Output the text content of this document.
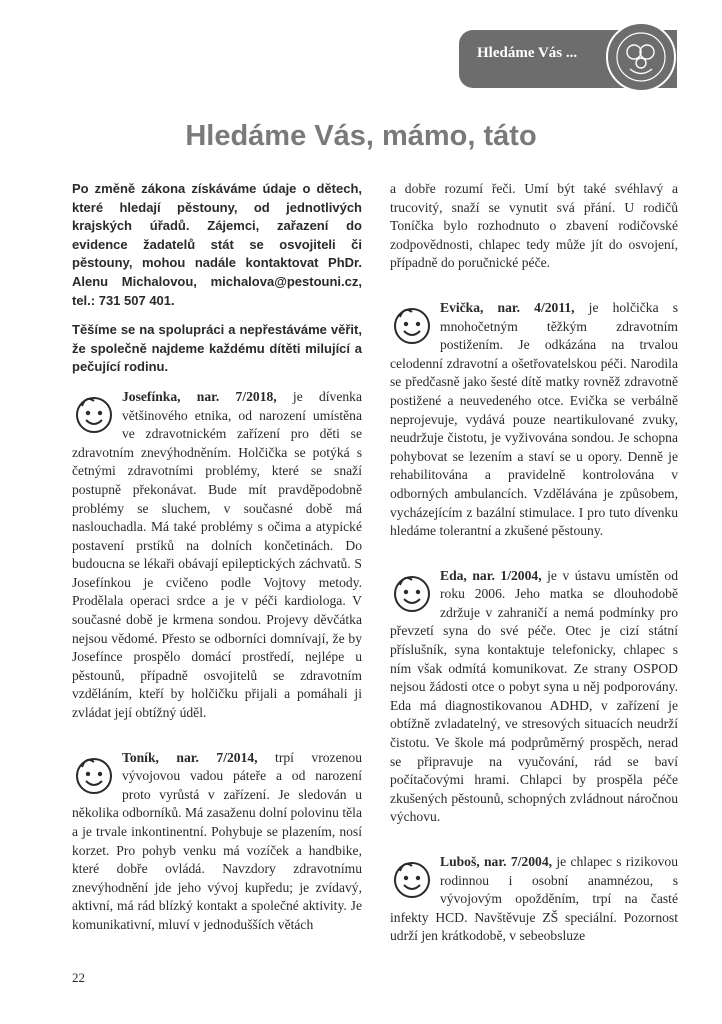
Hledáme Vás ...
Hledáme Vás, mámo, táto

Po změně zákona získáváme údaje o dětech, které hledají pěstouny, od jednotlivých krajských úřadů. Zájemci, zařazení do evidence žadatelů stát se osvojiteli či pěstouny, mohou nadále kontaktovat PhDr. Alenu Michalovou, michalova@pestouni.cz, tel.: 731 507 401.

Těšíme se na spolupráci a nepřestáváme věřit, že společně najdeme každému dítěti milující a pečující rodinu.

Josefínka, nar. 7/2018, je dívenka většinového etnika, od narození umístěna ve zdravotnickém zařízení pro děti se zdravotním znevýhodněním. Holčička se potýká s četnými zdravotními problémy, které se snaží postupně překonávat. Bude mít pravděpodobně problémy se sluchem, v současné době má naslouchadla. Má také problémy s očima a atypické postavení prstíků na dolních končetinách. Do budoucna se lékaři obávají epileptických záchvatů. S Josefínkou je cvičeno podle Vojtovy metody. Prodělala operaci srdce a je v péči kardiologa. V současné době je krmena sondou. Projevy děvčátka nejsou vědomé. Přesto se odborníci domnívají, že by Josefínce prospělo domácí prostředí, nejlépe u pěstounů, případně osvojitelů se zdravotním vzděláním, kteří by holčičku přijali a pomáhali ji zvládat její obtížný úděl.

Toník, nar. 7/2014, trpí vrozenou vývojovou vadou páteře a od narození proto vyrůstá v zařízení. Je sledován u několika odborníků. Má zasaženu dolní polovinu těla a je trvale inkontinentní. Pohybuje se plazením, nosí korzet. Pro pohyb venku má vozíček a handbike, které dobře ovládá. Navzdory zdravotnímu znevýhodnění jde jeho vývoj kupředu; je zvídavý, aktivní, má rád blízký kontakt a společné aktivity. Je komunikativní, mluví v jednodušších větách

a dobře rozumí řeči. Umí být také svéhlavý a trucovitý, snaží se vynutit svá přání. U rodičů Toníčka bylo rozhodnuto o zbavení rodičovské zodpovědnosti, chlapec tedy může jít do osvojení, případně do poručnické péče.

Evička, nar. 4/2011, je holčička s mnohočetným těžkým zdravotním postižením. Je odkázána na trvalou celodenní zdravotní a ošetřovatelskou péči. Narodila se předčasně jako šesté dítě matky rovněž zdravotně postižené a neuvedeného otce. Evička se verbálně neprojevuje, vydává pouze neartikulované zvuky, neudržuje čistotu, je vyživována sondou. Je schopna pohybovat se lezením a staví se u opory. Denně je rehabilitována a pravidelně kontrolována v odborných ambulancích. Vzdělávána je způsobem, vycházejícím z bazální stimulace. I pro tuto dívenku hledáme tolerantní a zkušené pěstouny.

Eda, nar. 1/2004, je v ústavu umístěn od roku 2006. Jeho matka se dlouhodobě zdržuje v zahraničí a nemá podmínky pro převzetí syna do své péče. Otec je cizí státní příslušník, syna kontaktuje telefonicky, chlapec s ním však odmítá komunikovat. Ze strany OSPOD nejsou žádosti otce o pobyt syna u něj podporovány. Eda má diagnostikovanou ADHD, v zařízení je obtížně zvladatelný, ve stresových situacích neudrží čistotu. Ve škole má podprůměrný prospěch, nerad se připravuje na vyučování, rád se baví počítačovými hrami. Chlapci by prospěla péče zkušených pěstounů, schopných zvládnout náročnou výchovu.

Luboš, nar. 7/2004, je chlapec s rizikovou rodinnou i osobní anamnézou, s vývojovým opožděním, trpí na časté infekty HCD. Navštěvuje ZŠ speciální. Pozornost udrží jen krátkodobě, v sebeobsluze

22
